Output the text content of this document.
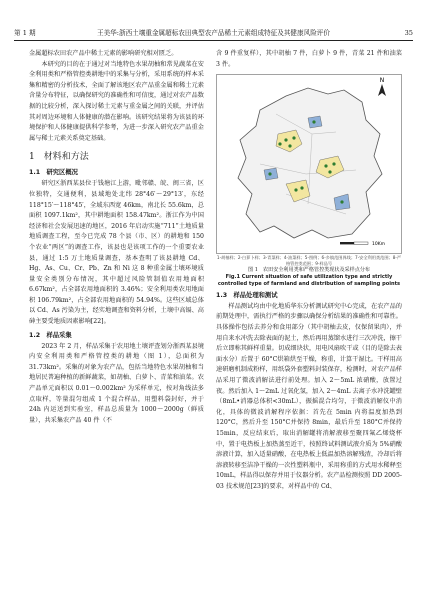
第 1 期	王美华:浙西土壤重金属超标农田典型农产品稀土元素组成特征及其健康风险评价	35

金属超标农田农产品中稀土元素的影响研究相对匮乏。

本研究的目的在于通过对当地特色水果胡柚和常见蔬菜在安全利用类和严格管控类耕地中的采集与分析，采用系统的样本采集和精密的分析技术，全面了解该地区农产品重金属和稀土元素含量分布特征，以确保研究的准确性和可信度，通过对农产品数据的比较分析，深入探讨稀土元素与重金属之间的关联，并评估其对周边环境和人体健康的潜在影响。该研究结果将为该县的环境保护和人体健康提供科学参考，为进一步深入研究农产品重金属与稀土元素关系奠定基础。

1　材料和方法
1.1　研究区概况

研究区浙西某县位于钱塘江上游，毗邻赣、皖、闽三省，区位独特，交通便利，县域地处北纬 28°46′～29°13′，东经 118°15′～118°45′，全域东西宽 46km，南北长 55.6km，总面积 1097.1km²，其中耕地面积 158.47km²。浙江作为中国经济和社会发展迅速的地区，2016 年启动实施“711”土地质量地质调查工程，至今已完成 78 个县（市、区）的耕地和 150 个农业“两区”的调查工作，该县也是该项工作的一个重要农业县，通过 1:5 万土地质量调查，基本查明了该县耕地 Cd、Hg、As、Cu、Cr、Pb、Zn 和 Ni 这 8 种重金属土壤环境质量安全类别分布情况，其中超过风险管制值农用地面积 6.67km²，占全部农用地面积的 3.46%；安全利用类农用地面积 106.79km²，占全部农用地面积的 54.94%。这些区域总体以 Cd、As 污染为主，经实地调查和资料分析，土壤中高镉、高砷主要受地质因素影响[22]。

1.2　样品采集

2023 年 2 月，样品采集于农用地土壤评查划分浙西某县境内安全利用类和严格管控类的耕地（图 1），总面积为 31.73km²。采集的对象为农产品，包括当地特色水果胡柚和当地居民普遍种植的新鲜蔬菜，如胡柚、白萝卜、青菜和油菜。农产品单元面积以 0.01～0.002km² 为采样单元，按对角线法多点取样，等量混匀组成 1 个混合样品，用塑料袋封好，并于 24h 内运送到实验室，样品总质量为 1000～2000g（鲜质量），共采集农产品 40 件（不

含 9 件重复样），其中胡柚 7 件，白萝卜 9 件，青菜 21 件和油菜 3 件。

N
10Km
1-胡柚样；2-白萝卜样；3-青菜样；4-油菜样；5-图例；6-乡镇范围界线；7-安全利用类范围；8-严格管控类范围；9-样品号

图 1　农田安全利用类和严格管控类现状及采样点分布

Fig.1 Current situation of safe utilization type and strictly controlled type of farmland and distribution of sampling points

1.3　样品处理和测试

样品测试均由中化地质华东分析测试研究中心完成，在农产品的前期处理中，需执行严格的步骤以确保分析结果的准确性和可靠性。具体操作包括去养分和食用部分（其中胡柚去皮，仅保留果肉），并用自来水冲洗去除表面的泥土，然后再用蒸馏水进行三次冲洗，擦干后立即称其鲜样重量。切成细块状，用电风扇吹干或（目的是除去表面水分）后置于 60°C烘箱烘至干燥，称重，计算干湿比。干样用高速研磨机制成粉样，用纸袋外套塑料封装保存，检测时，对农产品样品采用了微波消解法进行前处理。加入 2～5mL 浓硝酸，放置过夜。然后加入 1～2mL 过氧化氢，加入 2～4mL 去离子水冲洗罐壁（8mL•消器总体积<30mL），振摇混合均匀，于微波消解仪中消化，具体的微波消解程序依据：首先在 5min 内将温度加热到 120°C，然后升至 150°C并保持 8min，最后升至 180°C并保持 15min，反应结束后，取出消解罐将消解液移至聚四氟乙烯烧杯中，置于电热板上加热蒸至近干，按照终试料测试液介质为 5%硝酸溶液计算，加入适量硝酸，在电热板上低温加热溶解残渣，冷却后将溶液转移至洁净干燥的一次性塑料瓶中，采用称重的方式用水稀释至 10mL，样品得以保存并用于仪器分析。农产品检测按照 DD 2005-03 技术规范[23]的要求，对样品中的 Cd、
